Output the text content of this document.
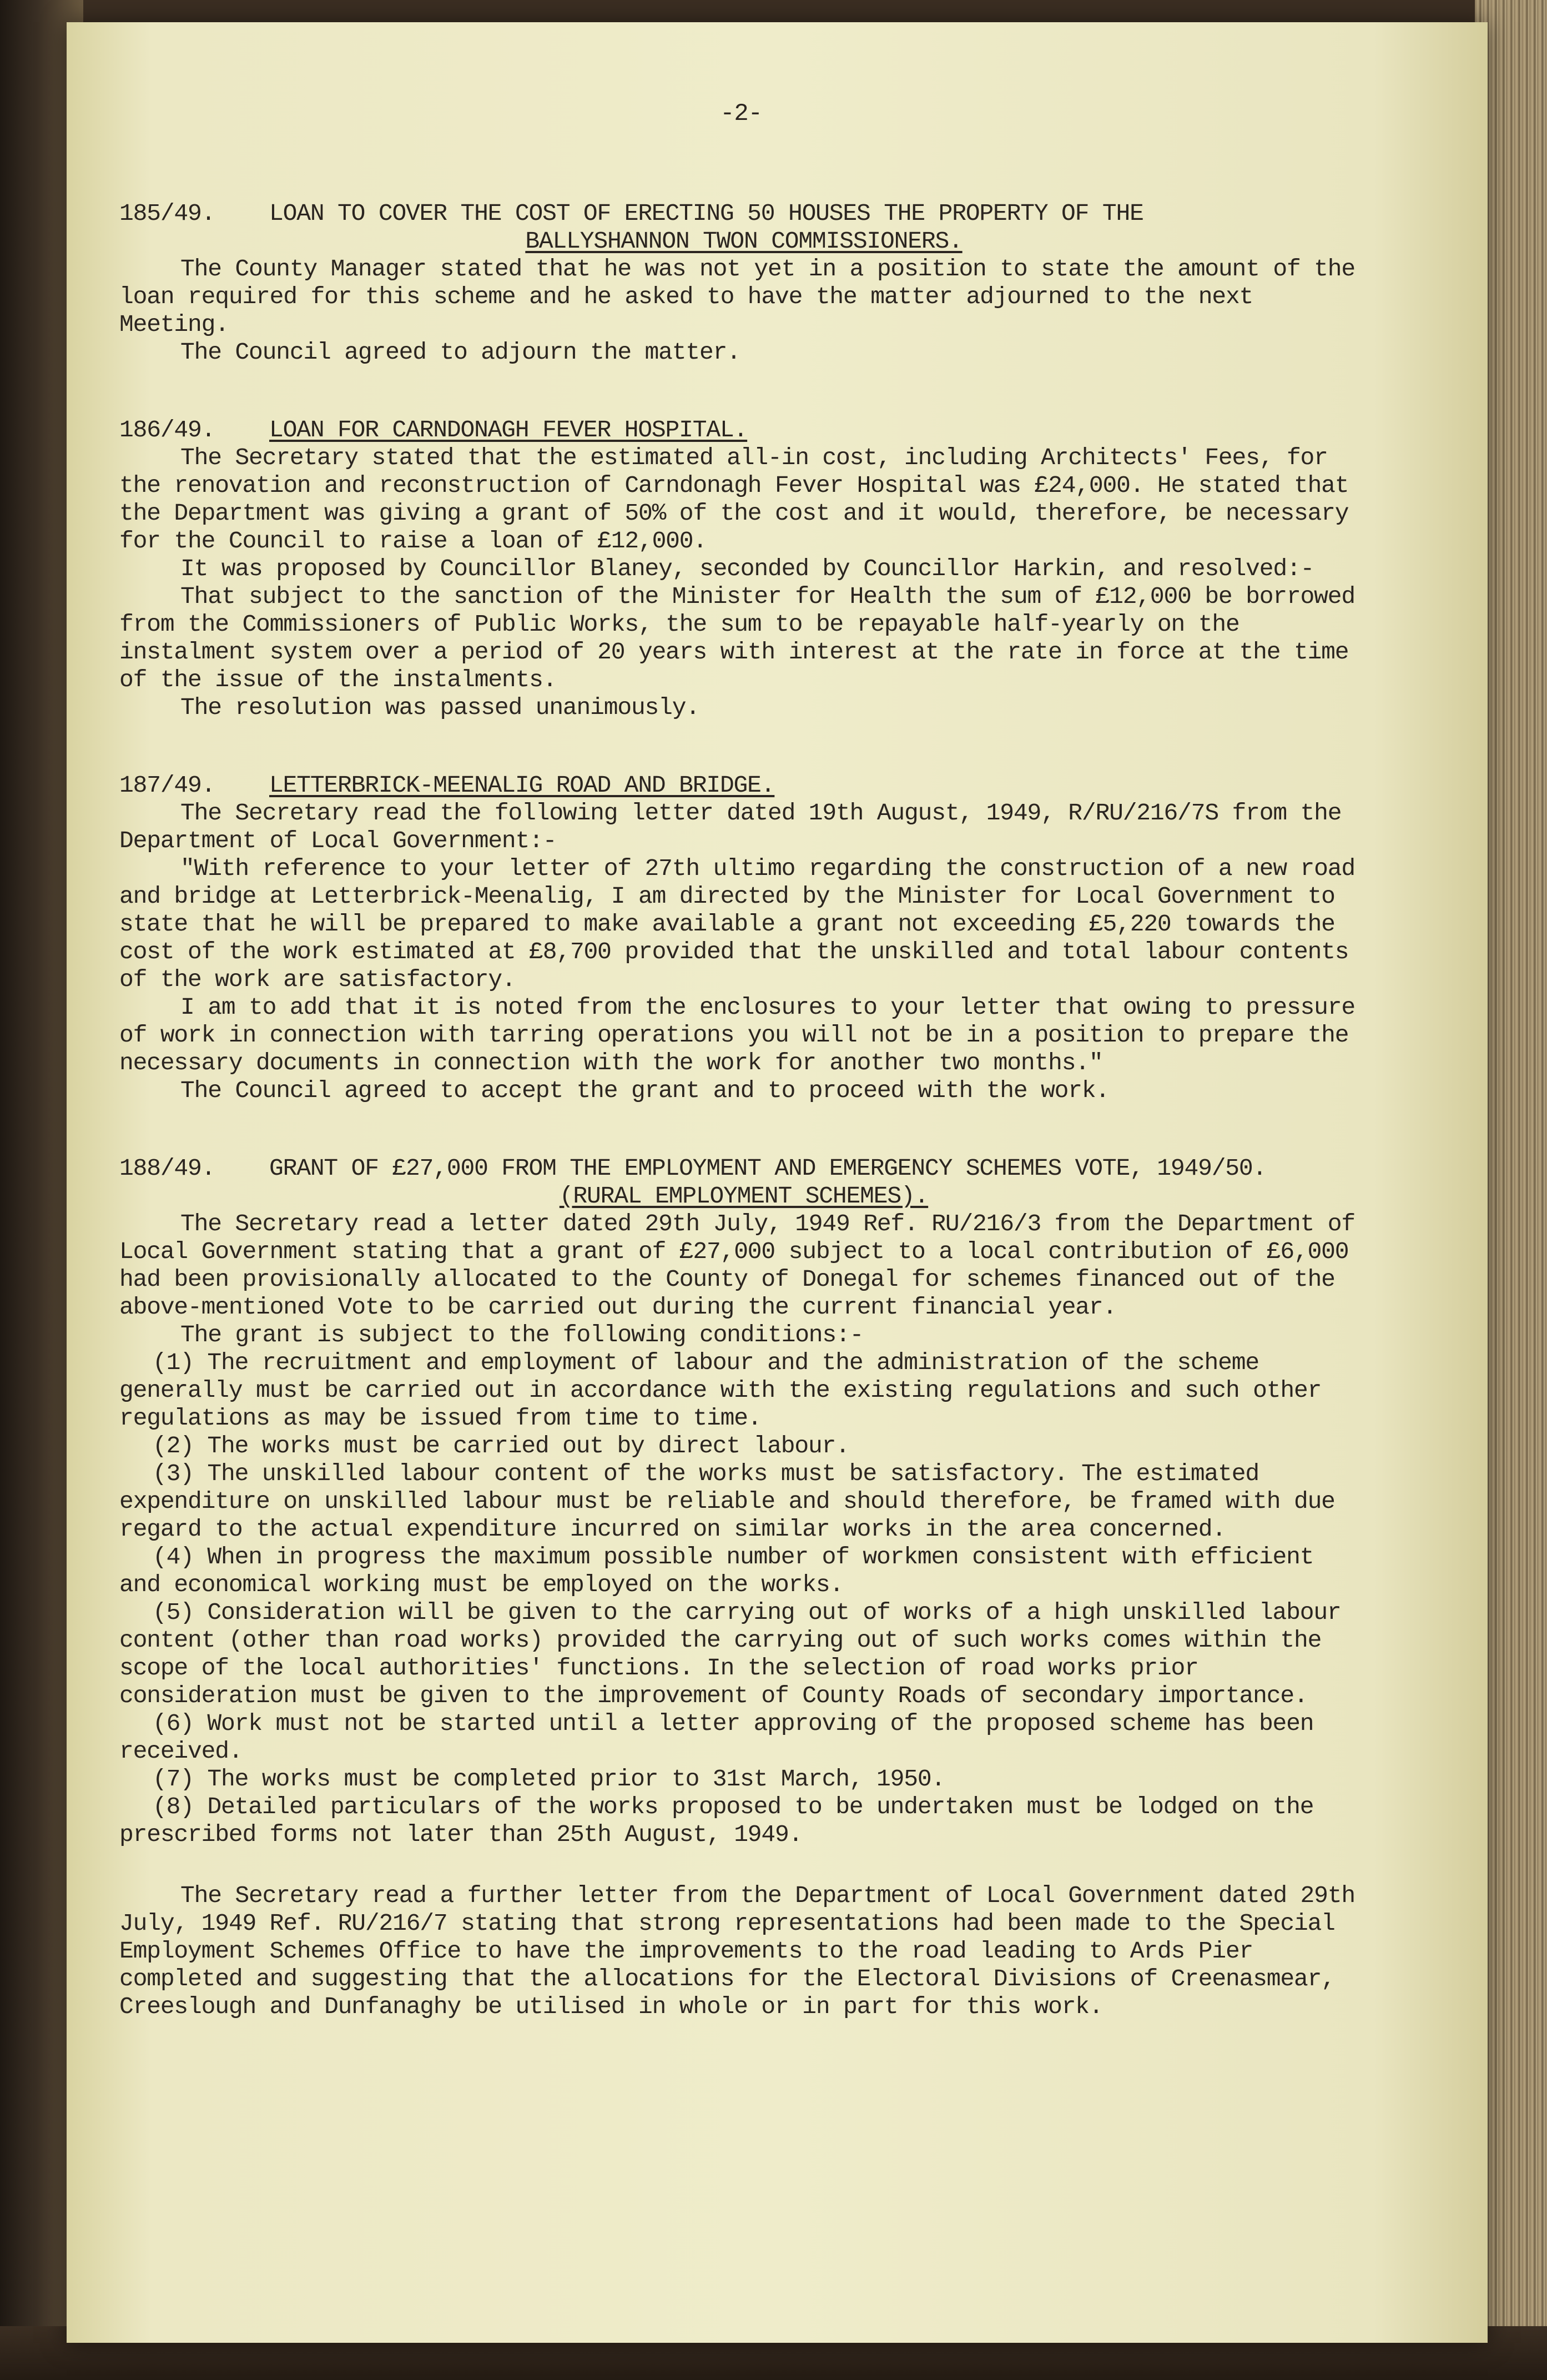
-2-
185/49.	LOAN TO COVER THE COST OF ERECTING 50 HOUSES THE PROPERTY OF THE
BALLYSHANNON TWON COMMISSIONERS.

The County Manager stated that he was not yet in a position to state the amount of the loan required for this scheme and he asked to have the matter adjourned to the next Meeting.

The Council agreed to adjourn the matter.

186/49.	LOAN FOR CARNDONAGH FEVER HOSPITAL.

The Secretary stated that the estimated all-in cost, including Architects' Fees, for the renovation and reconstruction of Carndonagh Fever Hospital was £24,000. He stated that the Department was giving a grant of 50% of the cost and it would, therefore, be necessary for the Council to raise a loan of £12,000.

It was proposed by Councillor Blaney, seconded by Councillor Harkin, and resolved:-

That subject to the sanction of the Minister for Health the sum of £12,000 be borrowed from the Commissioners of Public Works, the sum to be repayable half-yearly on the instalment system over a period of 20 years with interest at the rate in force at the time of the issue of the instalments.

The resolution was passed unanimously.

187/49.	LETTERBRICK-MEENALIG ROAD AND BRIDGE.

The Secretary read the following letter dated 19th August, 1949, R/RU/216/7S from the Department of Local Government:-

"With reference to your letter of 27th ultimo regarding the construction of a new road and bridge at Letterbrick-Meenalig, I am directed by the Minister for Local Government to state that he will be prepared to make available a grant not exceeding £5,220 towards the cost of the work estimated at £8,700 provided that the unskilled and total labour contents of the work are satisfactory.

I am to add that it is noted from the enclosures to your letter that owing to pressure of work in connection with tarring operations you will not be in a position to prepare the necessary documents in connection with the work for another two months."

The Council agreed to accept the grant and to proceed with the work.

188/49.	GRANT OF £27,000 FROM THE EMPLOYMENT AND EMERGENCY SCHEMES VOTE, 1949/50.
(RURAL EMPLOYMENT SCHEMES).

The Secretary read a letter dated 29th July, 1949 Ref. RU/216/3 from the Department of Local Government stating that a grant of £27,000 subject to a local contribution of £6,000 had been provisionally allocated to the County of Donegal for schemes financed out of the above-mentioned Vote to be carried out during the current financial year.

The grant is subject to the following conditions:-

(1) The recruitment and employment of labour and the administration of the scheme generally must be carried out in accordance with the existing regulations and such other regulations as may be issued from time to time.

(2) The works must be carried out by direct labour.

(3) The unskilled labour content of the works must be satisfactory. The estimated expenditure on unskilled labour must be reliable and should therefore, be framed with due regard to the actual expenditure incurred on similar works in the area concerned.

(4) When in progress the maximum possible number of workmen consistent with efficient and economical working must be employed on the works.

(5) Consideration will be given to the carrying out of works of a high unskilled labour content (other than road works) provided the carrying out of such works comes within the scope of the local authorities' functions. In the selection of road works prior consideration must be given to the improvement of County Roads of secondary importance.

(6) Work must not be started until a letter approving of the proposed scheme has been received.

(7) The works must be completed prior to 31st March, 1950.

(8) Detailed particulars of the works proposed to be undertaken must be lodged on the prescribed forms not later than 25th August, 1949.

The Secretary read a further letter from the Department of Local Government dated 29th July, 1949 Ref. RU/216/7 stating that strong representations had been made to the Special Employment Schemes Office to have the improvements to the road leading to Ards Pier completed and suggesting that the allocations for the Electoral Divisions of Creenasmear, Creeslough and Dunfanaghy be utilised in whole or in part for this work.
